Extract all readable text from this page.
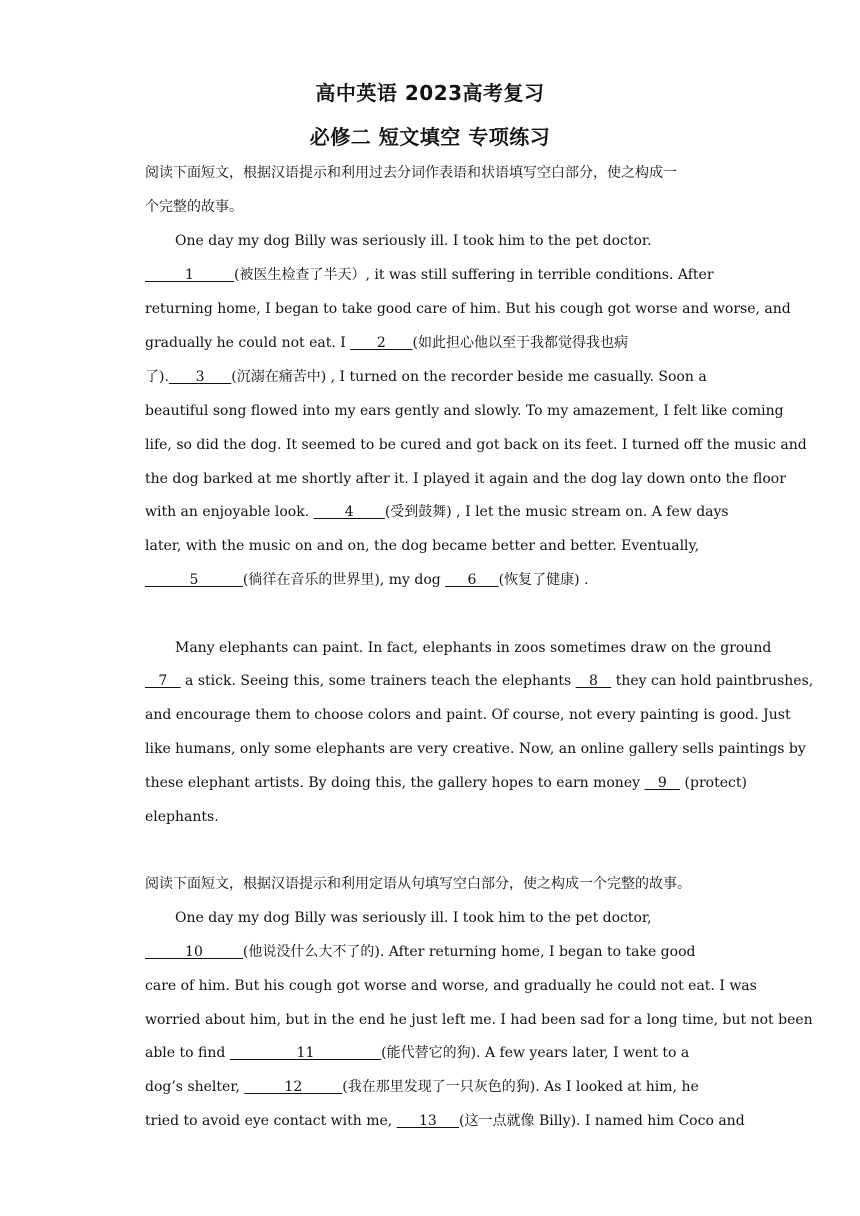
高中英语 2023高考复习
必修二 短文填空 专项练习
阅读下面短文，根据汉语提示和利用过去分词作表语和状语填写空白部分，使之构成一
个完整的故事。
One day my dog Billy was seriously ill. I took him to the pet doctor.
1         (被医生检查了半天）, it was still suffering in terrible conditions. After
returning home, I began to take good care of him. But his cough got worse and worse, and
gradually he could not eat. I       2      (如此担心他以至于我都觉得我也病
了).      3      (沉溺在痛苦中) , I turned on the recorder beside me casually. Soon a
beautiful song flowed into my ears gently and slowly. To my amazement, I felt like coming
life, so did the dog. It seemed to be cured and got back on its feet. I turned off the music and
the dog barked at me shortly after it. I played it again and the dog lay down onto the floor
with an enjoyable look.        4       (受到鼓舞) , I let the music stream on. A few days
later, with the music on and on, the dog became better and better. Eventually,
5          (徜徉在音乐的世界里), my dog      6     (恢复了健康) .
Many elephants can paint. In fact, elephants in zoos sometimes draw on the ground
7    a stick. Seeing this, some trainers teach the elephants    8    they can hold paintbrushes,
and encourage them to choose colors and paint. Of course, not every painting is good. Just
like humans, only some elephants are very creative. Now, an online gallery sells paintings by
these elephant artists. By doing this, the gallery hopes to earn money    9    (protect)
elephants.
阅读下面短文，根据汉语提示和利用定语从句填写空白部分，使之构成一个完整的故事。
One day my dog Billy was seriously ill. I took him to the pet doctor,
10         (他说没什么大不了的). After returning home, I began to take good
care of him. But his cough got worse and worse, and gradually he could not eat. I was
worried about him, but in the end he just left me. I had been sad for a long time, but not been
able to find                11               (能代替它的狗). A few years later, I went to a
dog’s shelter,          12         (我在那里发现了一只灰色的狗). As I looked at him, he
tried to avoid eye contact with me,      13     (这一点就像 Billy). I named him Coco and
